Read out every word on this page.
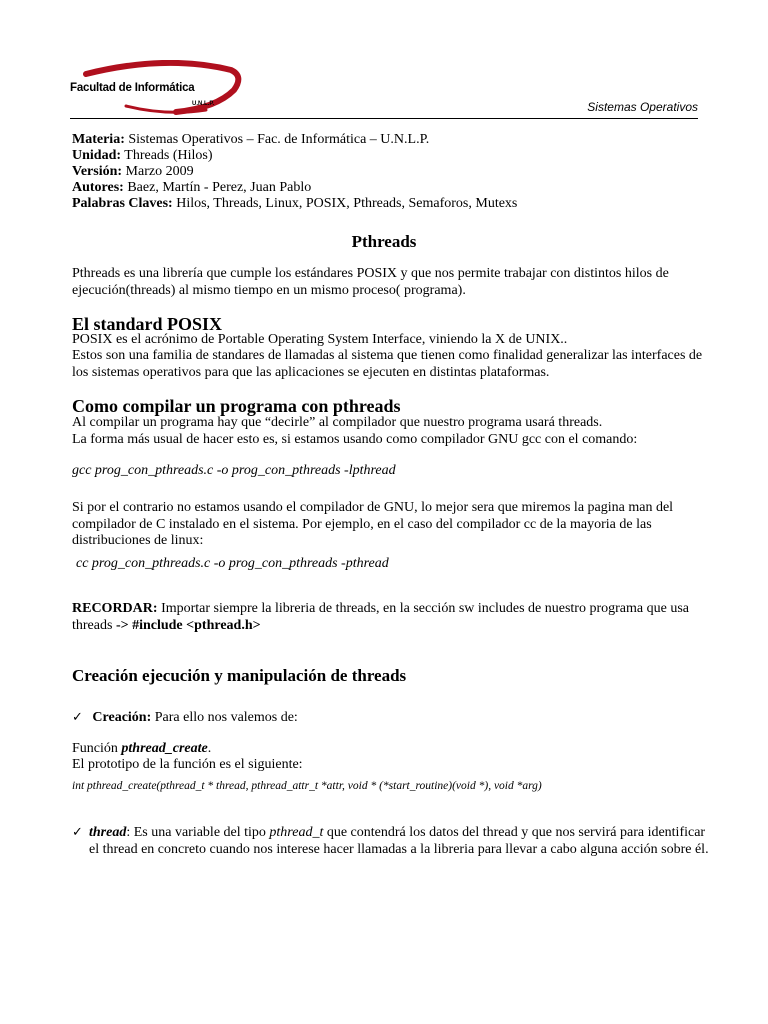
Facultad de Informática
U.N.L.P.	Sistemas Operativos
Materia: Sistemas Operativos – Fac. de Informática – U.N.L.P.
Unidad: Threads (Hilos)
Versión: Marzo 2009
Autores: Baez, Martín - Perez, Juan Pablo
Palabras Claves: Hilos, Threads, Linux, POSIX, Pthreads, Semaforos, Mutexs
Pthreads
Pthreads es una librería que cumple los estándares POSIX y que nos permite trabajar con distintos hilos de ejecución(threads) al mismo tiempo en un mismo proceso( programa).
El standard POSIX
POSIX es el acrónimo de Portable Operating System Interface, viniendo la X de UNIX..
Estos son una familia de standares de llamadas al sistema que tienen como finalidad generalizar las interfaces de los sistemas operativos para que las aplicaciones se ejecuten en distintas plataformas.
Como compilar un programa con pthreads
Al compilar un programa hay que “decirle” al compilador que nuestro programa usará threads.
La forma más usual de hacer esto es, si estamos usando como compilador GNU gcc con el comando:
gcc prog_con_pthreads.c -o prog_con_pthreads -lpthread
Si por el contrario no estamos usando el compilador de GNU, lo mejor sera que miremos la pagina man del compilador de C instalado en el sistema. Por ejemplo, en el caso del compilador cc de la mayoria de las distribuciones de linux:
cc prog_con_pthreads.c -o prog_con_pthreads -pthread
RECORDAR: Importar siempre la libreria de threads, en la sección sw includes de nuestro programa que usa threads -> #include <pthread.h>
Creación ejecución y manipulación de threads
✓ Creación: Para ello nos valemos de:
Función pthread_create.
El prototipo de la función es el siguiente:
int pthread_create(pthread_t * thread, pthread_attr_t *attr, void * (*start_routine)(void *), void *arg)
✓ thread: Es una variable del tipo pthread_t que contendrá los datos del thread y que nos servirá para identificar el thread en concreto cuando nos interese hacer llamadas a la libreria para llevar a cabo alguna acción sobre él.
